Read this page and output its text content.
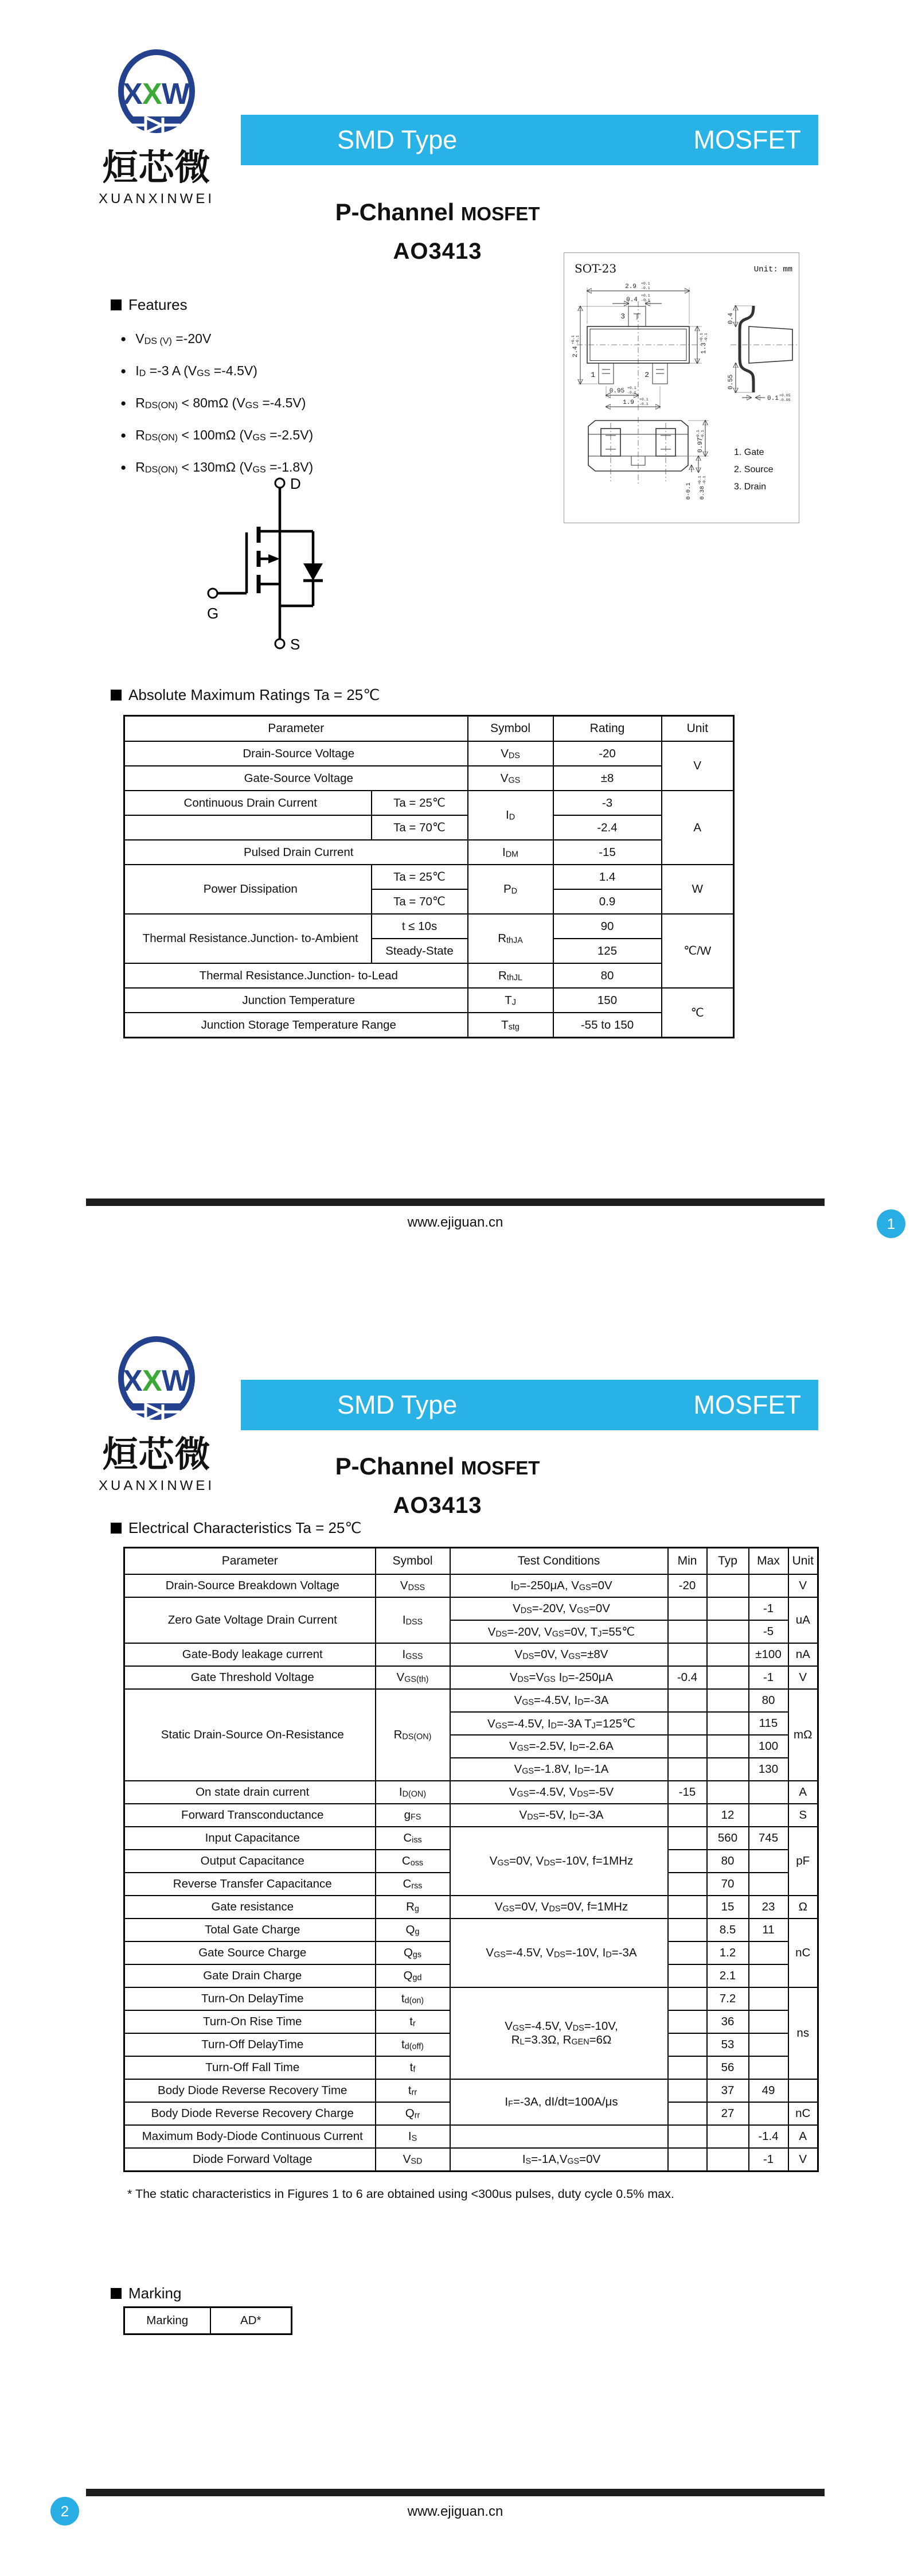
X X W
烜芯微
XUANXINWEI
SMD Type	MOSFET
P-Channel MOSFET
AO3413
Features
● $V_{DS (V)} =-20V$
● $I_D =-3$ A $(V_{GS} =-4.5V)$
● $R_{DS(ON)} < 80m\Omega$ $(V_{GS} =-4.5V)$
● $R_{DS(ON)} < 100m\Omega$ $(V_{GS} =-2.5V)$
● $R_{DS(ON)} < 130m\Omega$ $(V_{GS} =-1.8V)$
SOT-23	Unit: mm
3
1	2
2.9 +0.1
-0.1
0.4
+0.1
-0.1
2.4
+0.1 -0.1
1.3
+0.1 -0.1
0.95 +0.1
-0.1
1.9 +0.1
-0.1
0.4
0.55
0.1 +0.05
-0.05
0.97
+0.1 -0.1
0-0.1 0.38
+0.1 -0.1
1. Gate
2. Source
3. Drain
D
G
S
Absolute Maximum Ratings Ta = 25℃
Parameter		Symbol	Rating	Unit
Drain-Source Voltage		$V_{DS}$	-20	V
Gate-Source Voltage		$V_{GS}$	±8	
Continuous Drain Current	Ta = 25℃	$I_D$	-3	A
	Ta = 70℃		-2.4	
Pulsed Drain Current		$I_{DM}$	-15	
Power Dissipation	Ta = 25℃	$P_D$	1.4	W
	Ta = 70℃		0.9	
Thermal Resistance.Junction- to-Ambient	t ≤ 10s	$R_{thJA}$	90	℃/W
	Steady-State		125	
Thermal Resistance.Junction- to-Lead		$R_{thJL}$	80	
Junction Temperature		$T_J$	150	℃
Junction Storage Temperature Range		$T_{stg}$	-55 to 150	
www.ejiguan.cn	1
X X W
烜芯微
XUANXINWEI
SMD Type	MOSFET
P-Channel MOSFET
AO3413
Electrical Characteristics Ta = 25℃
Parameter	Symbol	Test Conditions	Min	Typ	Max	Unit
Drain-Source Breakdown Voltage	$V_{DSS}$	$I_D=-250\mu A$, $V_{GS}=0V$	-20			V
Zero Gate Voltage Drain Current	$I_{DSS}$	$V_{DS}=-20V$, $V_{GS}=0V$			-1	uA
		$V_{DS}=-20V$, $V_{GS}=0V$, $T_J=55℃$			-5	
Gate-Body leakage current	$I_{GSS}$	$V_{DS}=0V$, $V_{GS}=\pm 8V$			±100	nA
Gate Threshold Voltage	$V_{GS(th)}$	$V_{DS}=V_{GS}$ $I_D=-250\mu A$	-0.4		-1	V
Static Drain-Source On-Resistance	$R_{DS(ON)}$	$V_{GS}=-4.5V$, $I_D=-3A$			80	mΩ
		$V_{GS}=-4.5V$, $I_D=-3A$ $T_J=125℃$			115	
		$V_{GS}=-2.5V$, $I_D=-2.6A$			100	
		$V_{GS}=-1.8V$, $I_D=-1A$			130	
On state drain current	$I_{D(ON)}$	$V_{GS}=-4.5V$, $V_{DS}=-5V$	-15			A
Forward Transconductance	$g_{FS}$	$V_{DS}=-5V$, $I_D=-3A$		12		S
Input Capacitance	$C_{iss}$	$V_{GS}=0V$, $V_{DS}=-10V$, f=1MHz		560	745	pF
Output Capacitance	$C_{oss}$			80		
Reverse Transfer Capacitance	$C_{rss}$			70		
Gate resistance	$R_g$	$V_{GS}=0V$, $V_{DS}=0V$, f=1MHz		15	23	Ω
Total Gate Charge	$Q_g$	$V_{GS}=-4.5V$, $V_{DS}=-10V$, $I_D=-3A$		8.5	11	nC
Gate Source Charge	$Q_{gs}$			1.2		
Gate Drain Charge	$Q_{gd}$			2.1		
Turn-On DelayTime	$t_{d(on)}$	$V_{GS}=-4.5V$, $V_{DS}=-10V$,
$R_L=3.3\Omega$, $R_{GEN}=6\Omega$		7.2		ns
Turn-On Rise Time	$t_r$			36		
Turn-Off DelayTime	$t_{d(off)}$			53		
Turn-Off Fall Time	$t_f$			56		
Body Diode Reverse Recovery Time	$t_{rr}$	$I_F=-3A$, dI/dt=100A/μs		37	49	
Body Diode Reverse Recovery Charge	$Q_{rr}$			27		nC
Maximum Body-Diode Continuous Current	$I_S$				-1.4	A
Diode Forward Voltage	$V_{SD}$	$I_S=-1A,V_{GS}=0V$			-1	V
* The static characteristics in Figures 1 to 6 are obtained using <300us pulses, duty cycle 0.5% max.
Marking
Marking	AD*
www.ejiguan.cn
2
